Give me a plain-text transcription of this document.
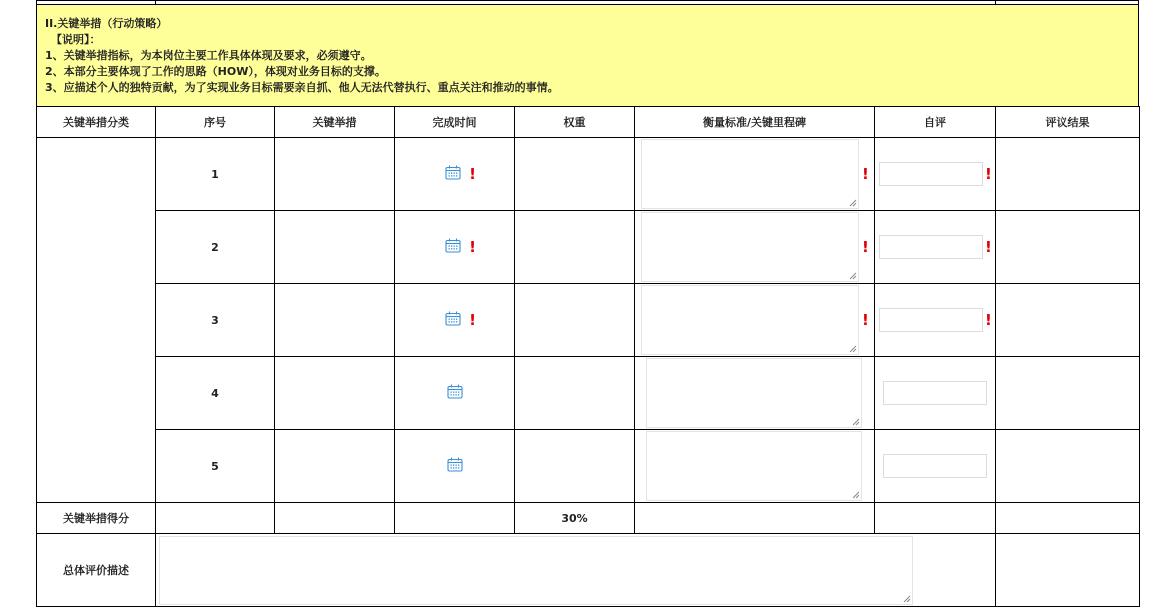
II.关键举措（行动策略）
【说明】：
1、关键举措指标，为本岗位主要工作具体体现及要求，必须遵守。
2、本部分主要体现了工作的思路（HOW），体现对业务目标的支撑。
3、应描述个人的独特贡献，为了实现业务目标需要亲自抓、他人无法代替执行、重点关注和推动的事情。
关键举措分类	序号	关键举措	完成时间	权重	衡量标准/关键里程碑	自评	评议结果
	1		!		!	!	

	2		!		!	!	

	3		!		!	!	

	4				

	5				

关键举措得分				30%			
总体评价描述	
